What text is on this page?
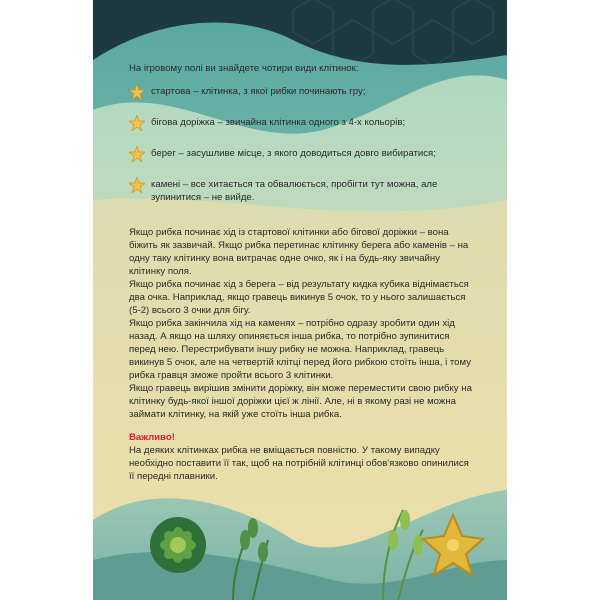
На ігровому полі ви знайдете чотири види клітинок:

стартова – клітинка, з якої рибки починають гру;
бігова доріжка – звичайна клітинка одного з 4-х кольорів;
берег – засушливе місце, з якого доводиться довго вибиратися;
камені – все хитається та обвалюється, пробігти тут можна, але зупинитися – не вийде.

Якщо рибка починає хід із стартової клітинки або бігової доріжки – вона біжить як зазвичай. Якщо рибка перетинає клітинку берега або каменів – на одну таку клітинку вона витрачає одне очко, як і на будь-яку звичайну клітинку поля.

Якщо рибка починає хід з берега – від результату кидка кубика віднімається два очка. Наприклад, якщо гравець викинув 5 очок, то у нього залишається (5-2) всього 3 очки для бігу.

Якщо рибка закінчила хід на каменях – потрібно одразу зробити один хід назад. А якщо на шляху опиняється інша рибка, то потрібно зупинитися перед нею. Перестрибувати іншу рибку не можна. Наприклад, гравець викинув 5 очок, але на четвертій клітці перед його рибкою стоїть інша, і тому рибка гравця зможе пройти всього 3 клітинки.

Якщо гравець вирішив змінити доріжку, він може переместити свою рибку на клітинку будь-якої іншої доріжки цієї ж лінії. Але, ні в якому разі не можна займати клітинку, на якій уже стоїть інша рибка.

Важливо!

На деяких клітинках рибка не вміщається повністю. У такому випадку необхідно поставити її так, щоб на потрібній клітинці обов'язково опинилися її передні плавники.
